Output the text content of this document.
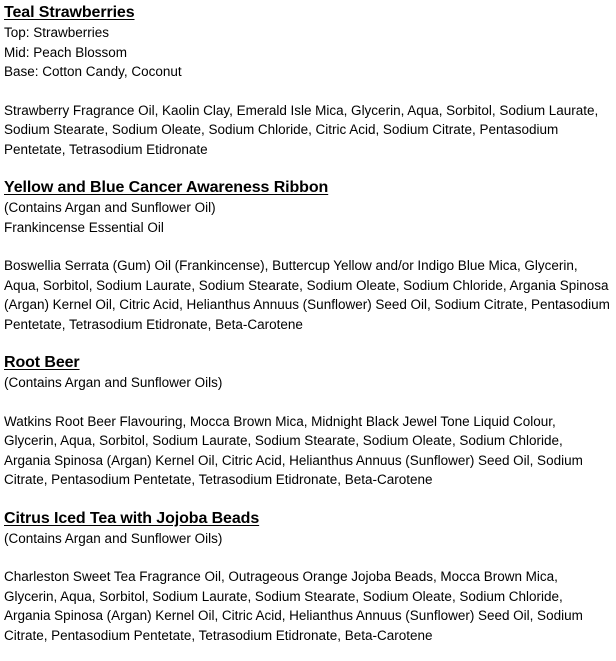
Teal Strawberries

Top: Strawberries

Mid: Peach Blossom

Base: Cotton Candy, Coconut

Strawberry Fragrance Oil, Kaolin Clay, Emerald Isle Mica, Glycerin, Aqua, Sorbitol, Sodium Laurate, Sodium Stearate, Sodium Oleate, Sodium Chloride, Citric Acid, Sodium Citrate, Pentasodium Pentetate, Tetrasodium Etidronate

Yellow and Blue Cancer Awareness Ribbon

(Contains Argan and Sunflower Oil)

Frankincense Essential Oil

Boswellia Serrata (Gum) Oil (Frankincense), Buttercup Yellow and/or Indigo Blue Mica, Glycerin, Aqua, Sorbitol, Sodium Laurate, Sodium Stearate, Sodium Oleate, Sodium Chloride, Argania Spinosa (Argan) Kernel Oil, Citric Acid, Helianthus Annuus (Sunflower) Seed Oil, Sodium Citrate, Pentasodium Pentetate, Tetrasodium Etidronate, Beta-Carotene

Root Beer

(Contains Argan and Sunflower Oils)

Watkins Root Beer Flavouring, Mocca Brown Mica, Midnight Black Jewel Tone Liquid Colour, Glycerin, Aqua, Sorbitol, Sodium Laurate, Sodium Stearate, Sodium Oleate, Sodium Chloride, Argania Spinosa (Argan) Kernel Oil, Citric Acid, Helianthus Annuus (Sunflower) Seed Oil, Sodium Citrate, Pentasodium Pentetate, Tetrasodium Etidronate, Beta-Carotene

Citrus Iced Tea with Jojoba Beads

(Contains Argan and Sunflower Oils)

Charleston Sweet Tea Fragrance Oil, Outrageous Orange Jojoba Beads, Mocca Brown Mica, Glycerin, Aqua, Sorbitol, Sodium Laurate, Sodium Stearate, Sodium Oleate, Sodium Chloride, Argania Spinosa (Argan) Kernel Oil, Citric Acid, Helianthus Annuus (Sunflower) Seed Oil, Sodium Citrate, Pentasodium Pentetate, Tetrasodium Etidronate, Beta-Carotene
